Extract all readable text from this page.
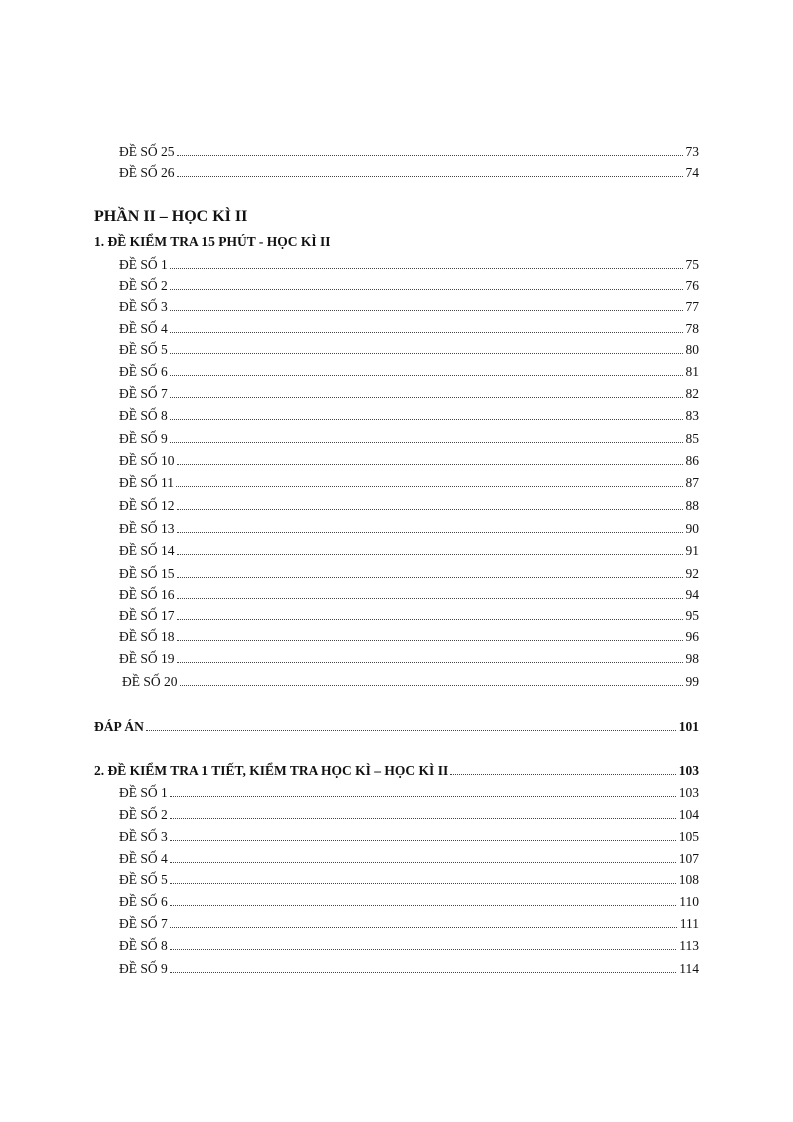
ĐỀ SỐ 25	73
ĐỀ SỐ 26	74
PHẦN II – HỌC KÌ II
1. ĐỀ KIỂM TRA 15 PHÚT - HỌC KÌ II
ĐỀ SỐ 1	75
ĐỀ SỐ 2	76
ĐỀ SỐ 3	77
ĐỀ SỐ 4	78
ĐỀ SỐ 5	80
ĐỀ SỐ 6	81
ĐỀ SỐ 7	82
ĐỀ SỐ 8	83
ĐỀ SỐ 9	85
ĐỀ SỐ 10	86
ĐỀ SỐ 11	87
ĐỀ SỐ 12	88
ĐỀ SỐ 13	90
ĐỀ SỐ 14	91
ĐỀ SỐ 15	92
ĐỀ SỐ 16	94
ĐỀ SỐ 17	95
ĐỀ SỐ 18	96
ĐỀ SỐ 19	98
ĐỀ SỐ 20	99
ĐÁP ÁN	101
2. ĐỀ KIỂM TRA 1 TIẾT, KIỂM TRA HỌC KÌ – HỌC KÌ II	103
ĐỀ SỐ 1	103
ĐỀ SỐ 2	104
ĐỀ SỐ 3	105
ĐỀ SỐ 4	107
ĐỀ SỐ 5	108
ĐỀ SỐ 6	110
ĐỀ SỐ 7	111
ĐỀ SỐ 8	113
ĐỀ SỐ 9	114
